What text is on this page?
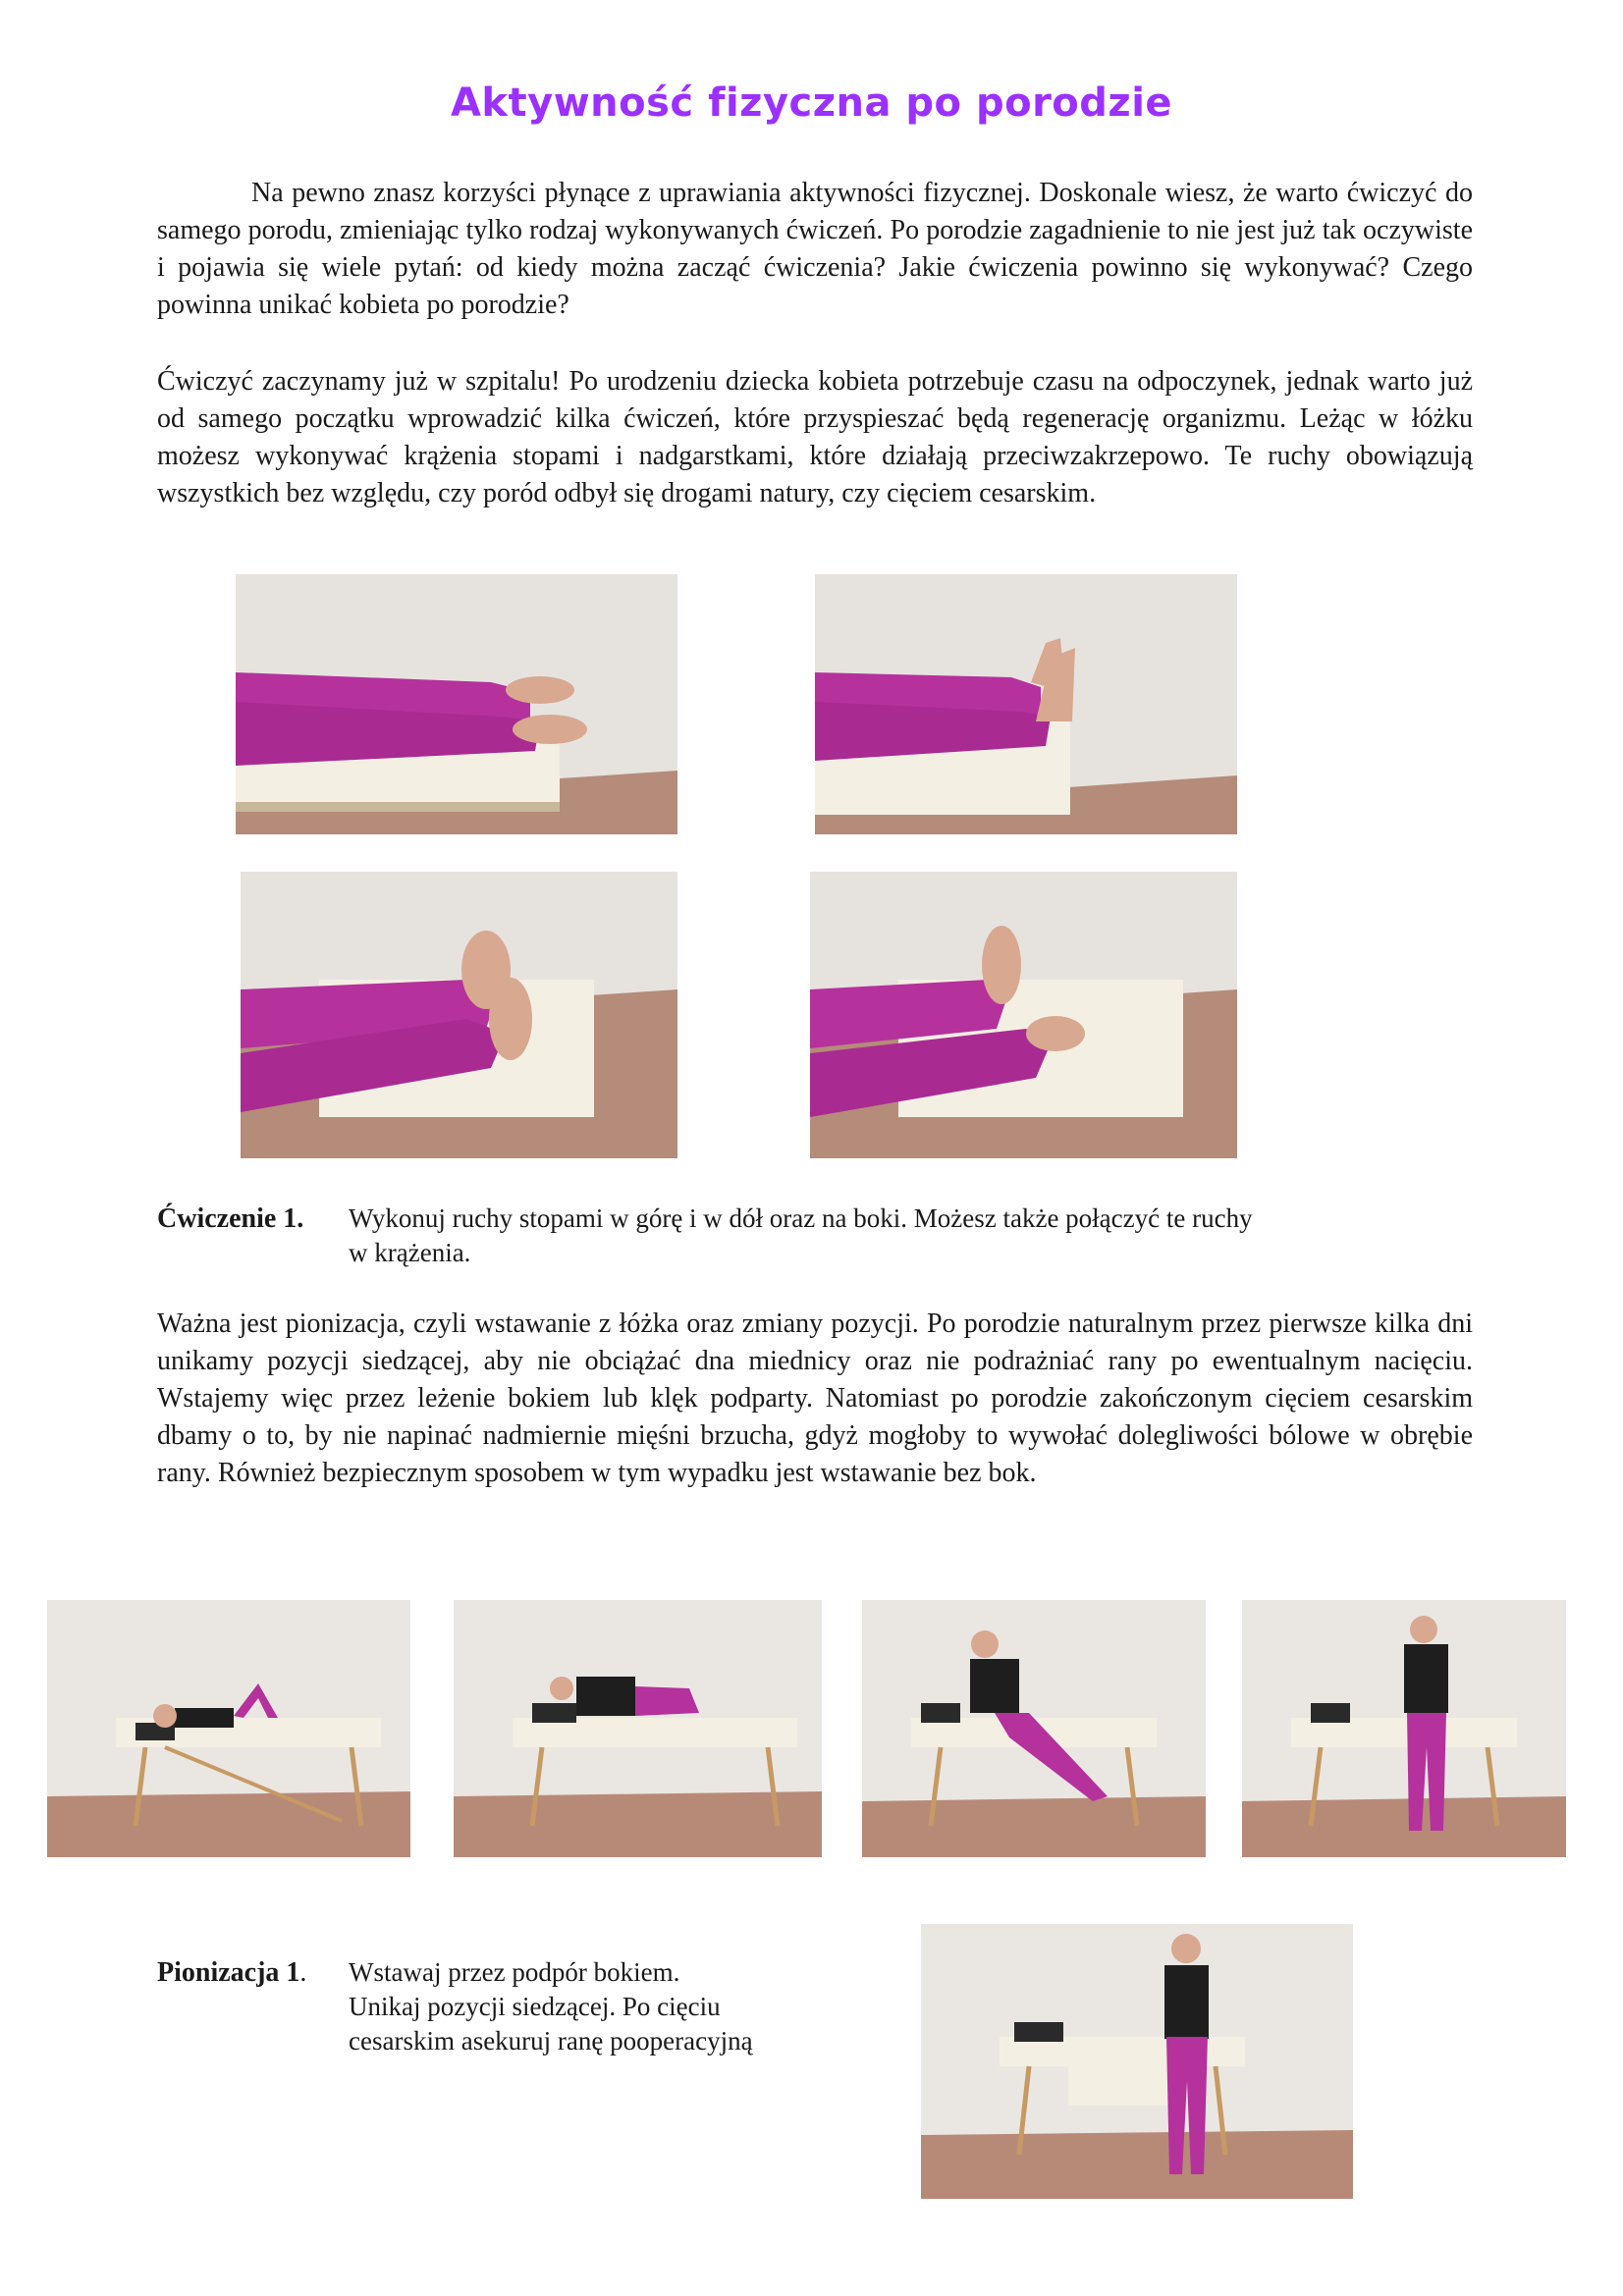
Aktywność fizyczna po porodzie

Na pewno znasz korzyści płynące z uprawiania aktywności fizycznej. Doskonale wiesz, że warto ćwiczyć do samego porodu, zmieniając tylko rodzaj wykonywanych ćwiczeń. Po porodzie zagadnienie to nie jest już tak oczywiste i pojawia się wiele pytań: od kiedy można zacząć ćwiczenia? Jakie ćwiczenia powinno się wykonywać? Czego powinna unikać kobieta po porodzie?

Ćwiczyć zaczynamy już w szpitalu! Po urodzeniu dziecka kobieta potrzebuje czasu na odpoczynek, jednak warto już od samego początku wprowadzić kilka ćwiczeń, które przyspieszać będą regenerację organizmu. Leżąc w łóżku możesz wykonywać krążenia stopami i nadgarstkami, które działają przeciwzakrzepowo. Te ruchy obowiązują wszystkich bez względu, czy poród odbył się drogami natury, czy cięciem cesarskim.

Ćwiczenie 1. Wykonuj ruchy stopami w górę i w dół oraz na boki. Możesz także połączyć te ruchy
w krążenia.

Ważna jest pionizacja, czyli wstawanie z łóżka oraz zmiany pozycji. Po porodzie naturalnym przez pierwsze kilka dni unikamy pozycji siedzącej, aby nie obciążać dna miednicy oraz nie podrażniać rany po ewentualnym nacięciu. Wstajemy więc przez leżenie bokiem lub klęk podparty. Natomiast po porodzie zakończonym cięciem cesarskim dbamy o to, by nie napinać nadmiernie mięśni brzucha, gdyż mogłoby to wywołać dolegliwości bólowe w obrębie rany. Również bezpiecznym sposobem w tym wypadku jest wstawanie bez bok.

Pionizacja 1. Wstawaj przez podpór bokiem.
Unikaj pozycji siedzącej. Po cięciu
cesarskim asekuruj ranę pooperacyjną
